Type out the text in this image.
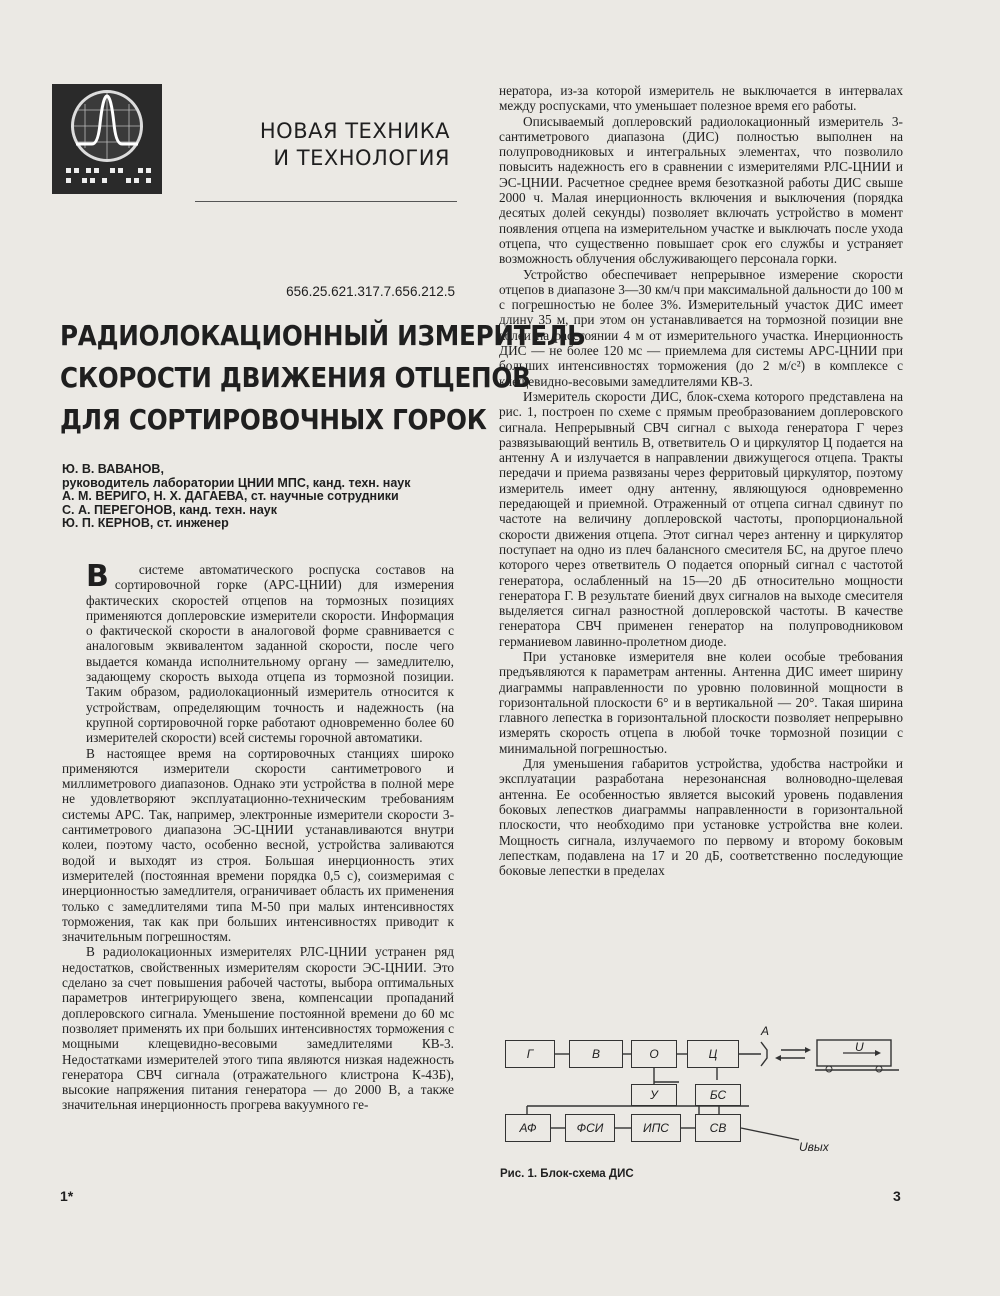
НОВАЯ ТЕХНИКА
И ТЕХНОЛОГИЯ
656.25.621.317.7.656.212.5
РАДИОЛОКАЦИОННЫЙ ИЗМЕРИТЕЛЬ
СКОРОСТИ ДВИЖЕНИЯ ОТЦЕПОВ
ДЛЯ СОРТИРОВОЧНЫХ ГОРОК
Ю. В. ВАВАНОВ,
руководитель лаборатории ЦНИИ МПС, канд. техн. наук
А. М. ВЕРИГО, Н. Х. ДАГАЕВА, ст. научные сотрудники
С. А. ПЕРЕГОНОВ, канд. техн. наук
Ю. П. КЕРНОВ, ст. инженер

В системе автоматического роспуска составов на сортировочной горке (АРС-ЦНИИ) для измерения фактических скоростей отцепов на тормозных позициях применяются доплеровские измерители скорости. Информация о фактической скорости в аналоговой форме сравнивается с аналоговым эквивалентом заданной скорости, после чего выдается команда исполнительному органу — замедлителю, задающему скорость выхода отцепа из тормозной позиции. Таким образом, радиолокационный измеритель относится к устройствам, определяющим точность и надежность (на крупной сортировочной горке работают одновременно более 60 измерителей скорости) всей системы горочной автоматики.

В настоящее время на сортировочных станциях широко применяются измерители скорости сантиметрового и миллиметрового диапазонов. Однако эти устройства в полной мере не удовлетворяют эксплуатационно-техническим требованиям системы АРС. Так, например, электронные измерители скорости 3-сантиметрового диапазона ЭС-ЦНИИ устанавливаются внутри колеи, поэтому часто, особенно весной, устройства заливаются водой и выходят из строя. Большая инерционность этих измерителей (постоянная времени порядка 0,5 с), соизмеримая с инерционностью замедлителя, ограничивает область их применения только с замедлителями типа М-50 при малых интенсивностях торможения, так как при больших интенсивностях приводит к значительным погрешностям.

В радиолокационных измерителях РЛС-ЦНИИ устранен ряд недостатков, свойственных измерителям скорости ЭС-ЦНИИ. Это сделано за счет повышения рабочей частоты, выбора оптимальных параметров интегрирующего звена, компенсации пропаданий доплеровского сигнала. Уменьшение постоянной времени до 60 мс позволяет применять их при больших интенсивностях торможения с мощными клещевидно-весовыми замедлителями КВ-3. Недостатками измерителей этого типа являются низкая надежность генератора СВЧ сигнала (отражательного клистрона К-43Б), высокие напряжения питания генератора — до 2000 В, а также значительная инерционность прогрева вакуумного ге-

нератора, из-за которой измеритель не выключается в интервалах между роспусками, что уменьшает полезное время его работы.

Описываемый доплеровский радиолокационный измеритель 3-сантиметрового диапазона (ДИС) полностью выполнен на полупроводниковых и интегральных элементах, что позволило повысить надежность его в сравнении с измерителями РЛС-ЦНИИ и ЭС-ЦНИИ. Расчетное среднее время безотказной работы ДИС свыше 2000 ч. Малая инерционность включения и выключения (порядка десятых долей секунды) позволяет включать устройство в момент появления отцепа на измерительном участке и выключать после ухода отцепа, что существенно повышает срок его службы и устраняет возможность облучения обслуживающего персонала горки.

Устройство обеспечивает непрерывное измерение скорости отцепов в диапазоне 3—30 км/ч при максимальной дальности до 100 м с погрешностью не более 3%. Измерительный участок ДИС имеет длину 35 м, при этом он устанавливается на тормозной позиции вне колеи на расстоянии 4 м от измерительного участка. Инерционность ДИС — не более 120 мс — приемлема для системы АРС-ЦНИИ при больших интенсивностях торможения (до 2 м/с²) в комплексе с клещевидно-весовыми замедлителями КВ-3.

Измеритель скорости ДИС, блок-схема которого представлена на рис. 1, построен по схеме с прямым преобразованием доплеровского сигнала. Непрерывный СВЧ сигнал с выхода генератора Г через развязывающий вентиль В, ответвитель О и циркулятор Ц подается на антенну А и излучается в направлении движущегося отцепа. Тракты передачи и приема развязаны через ферритовый циркулятор, поэтому измеритель имеет одну антенну, являющуюся одновременно передающей и приемной. Отраженный от отцепа сигнал сдвинут по частоте на величину доплеровской частоты, пропорциональной скорости движения отцепа. Этот сигнал через антенну и циркулятор поступает на одно из плеч балансного смесителя БС, на другое плечо которого через ответвитель О подается опорный сигнал с частотой генератора, ослабленный на 15—20 дБ относительно мощности генератора Г. В результате биений двух сигналов на выходе смесителя выделяется сигнал разностной доплеровской частоты. В качестве генератора СВЧ применен генератор на полупроводниковом германиевом лавинно-пролетном диоде.

При установке измерителя вне колеи особые требования предъявляются к параметрам антенны. Антенна ДИС имеет ширину диаграммы направленности по уровню половинной мощности в горизонтальной плоскости 6° и в вертикальной — 20°. Такая ширина главного лепестка в горизонтальной плоскости позволяет непрерывно измерять скорость отцепа в любой точке тормозной позиции с минимальной погрешностью.

Для уменьшения габаритов устройства, удобства настройки и эксплуатации разработана нерезонансная волноводно-щелевая антенна. Ее особенностью является высокий уровень подавления боковых лепестков диаграммы направленности в горизонтальной плоскости, что необходимо при установке устройства вне колеи. Мощность сигнала, излучаемого по первому и второму боковым лепесткам, подавлена на 17 и 20 дБ, соответственно последующие боковые лепестки в пределах

Г	В	О	Ц
У	БС
АФ	ФСИ	ИПС	СВ
А
U
Uвых
Рис. 1. Блок-схема ДИС
1*	3
